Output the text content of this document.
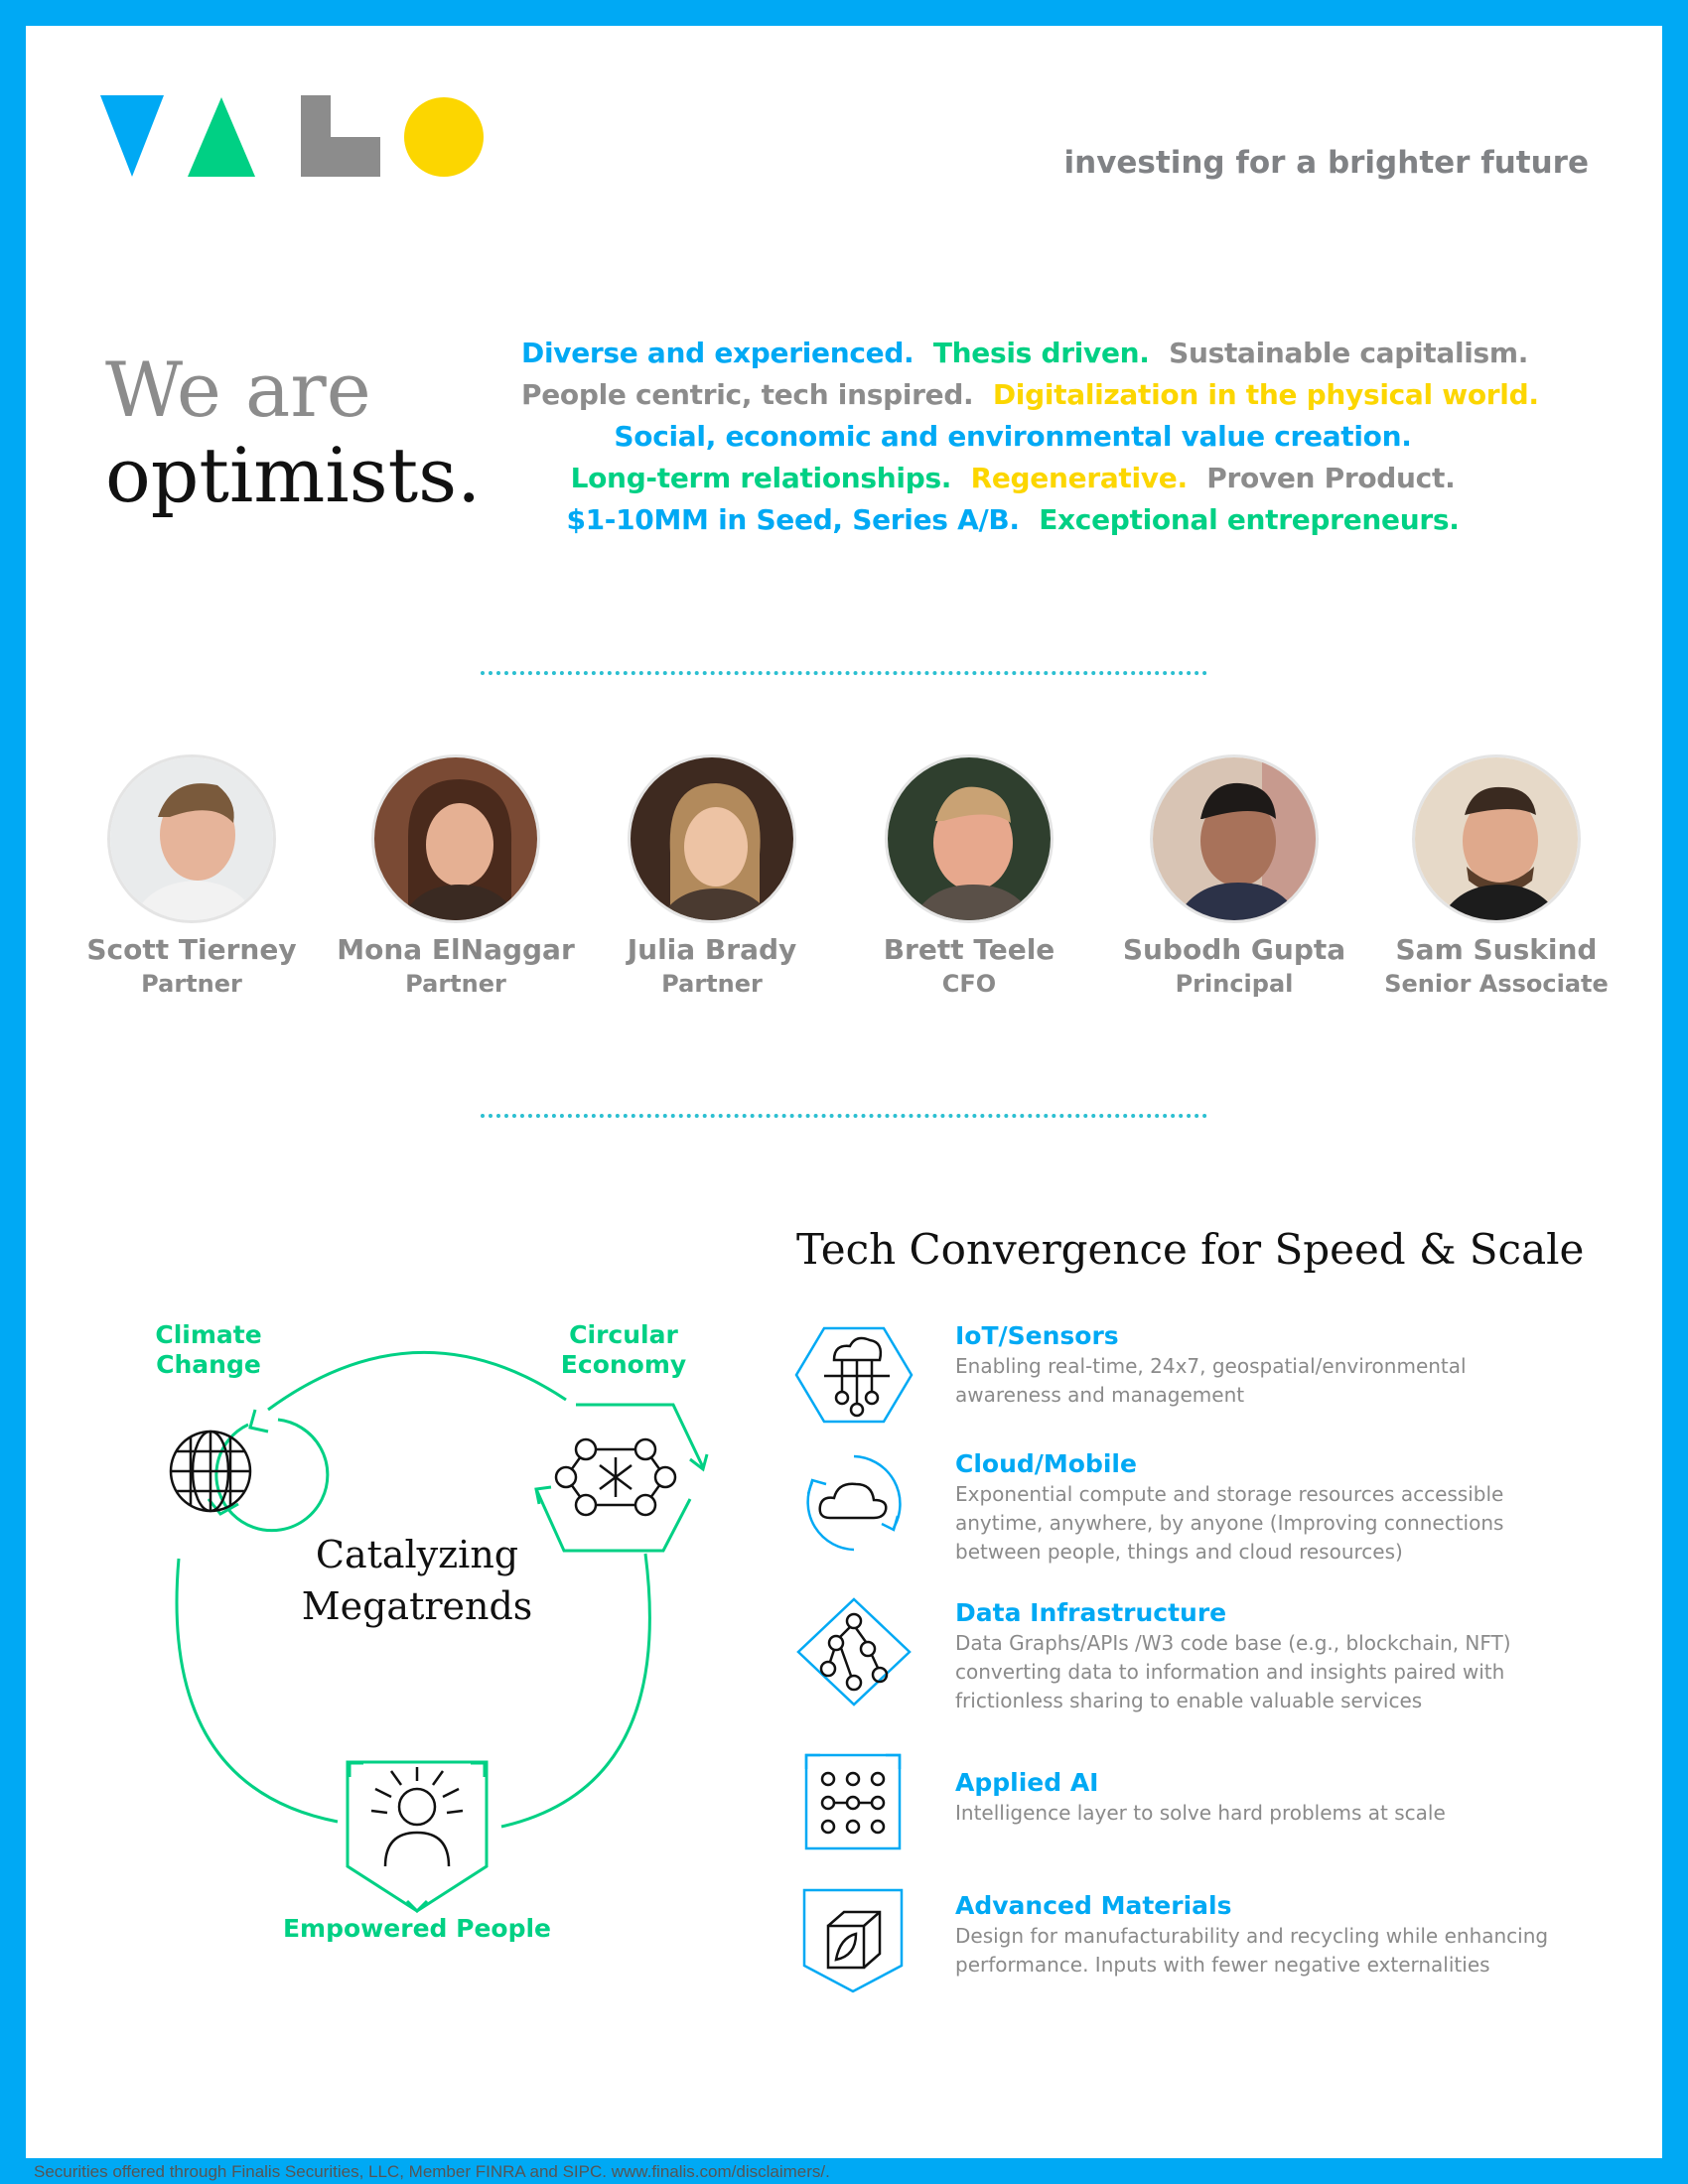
investing for a brighter future
We are
optimists.
Diverse and experienced. Thesis driven. Sustainable capitalism.
People centric, tech inspired. Digitalization in the physical world.
Social, economic and environmental value creation.
Long-term relationships. Regenerative. Proven Product.
$1-10MM in Seed, Series A/B. Exceptional entrepreneurs.
Scott Tierney
Partner
Mona ElNaggar
Partner
Julia Brady
Partner
Brett Teele
CFO
Subodh Gupta
Principal
Sam Suskind
Senior Associate
Catalyzing
Megatrends
Climate
Change
Circular
Economy
Empowered People
Tech Convergence for Speed & Scale
IoT/Sensors
Enabling real-time, 24x7, geospatial/environmental
awareness and management
Cloud/Mobile
Exponential compute and storage resources accessible
anytime, anywhere, by anyone (Improving connections
between people, things and cloud resources)
Data Infrastructure
Data Graphs/APIs /W3 code base (e.g., blockchain, NFT)
converting data to information and insights paired with
frictionless sharing to enable valuable services
Applied AI
Intelligence layer to solve hard problems at scale
Advanced Materials
Design for manufacturability and recycling while enhancing
performance. Inputs with fewer negative externalities
Securities offered through Finalis Securities, LLC, Member FINRA and SIPC. www.finalis.com/disclaimers/.
